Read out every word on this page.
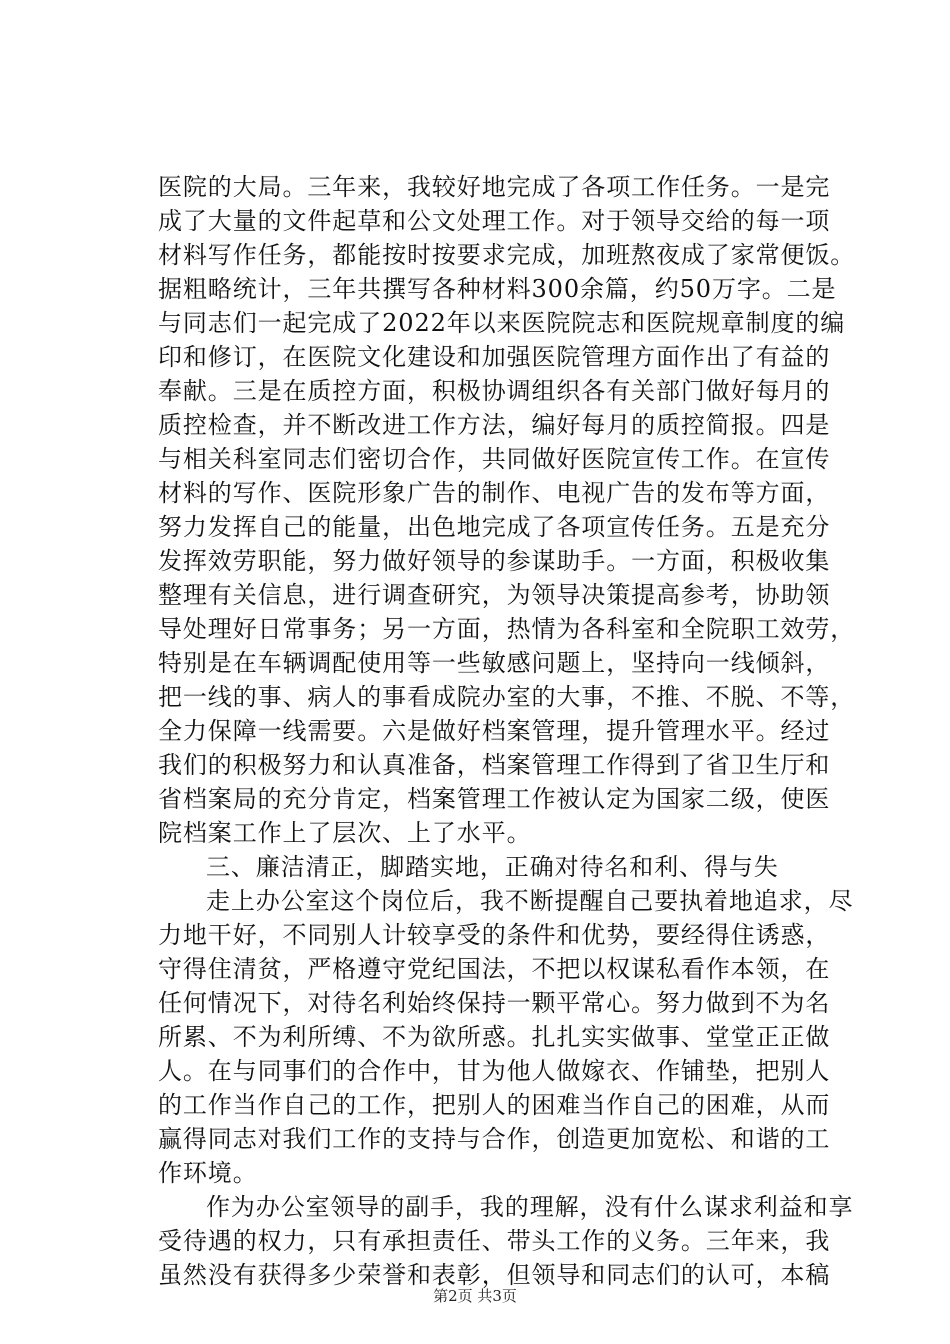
医院的大局。三年来，我较好地完成了各项工作任务。一是完
成了大量的文件起草和公文处理工作。对于领导交给的每一项
材料写作任务，都能按时按要求完成，加班熬夜成了家常便饭。
据粗略统计，三年共撰写各种材料300余篇，约50万字。二是
与同志们一起完成了2022年以来医院院志和医院规章制度的编
印和修订，在医院文化建设和加强医院管理方面作出了有益的
奉献。三是在质控方面，积极协调组织各有关部门做好每月的
质控检查，并不断改进工作方法，编好每月的质控简报。四是
与相关科室同志们密切合作，共同做好医院宣传工作。在宣传
材料的写作、医院形象广告的制作、电视广告的发布等方面，
努力发挥自己的能量，出色地完成了各项宣传任务。五是充分
发挥效劳职能，努力做好领导的参谋助手。一方面，积极收集
整理有关信息，进行调查研究，为领导决策提高参考，协助领
导处理好日常事务；另一方面，热情为各科室和全院职工效劳，
特别是在车辆调配使用等一些敏感问题上，坚持向一线倾斜，
把一线的事、病人的事看成院办室的大事，不推、不脱、不等，
全力保障一线需要。六是做好档案管理，提升管理水平。经过
我们的积极努力和认真准备，档案管理工作得到了省卫生厅和
省档案局的充分肯定，档案管理工作被认定为国家二级，使医
院档案工作上了层次、上了水平。
三、廉洁清正，脚踏实地，正确对待名和利、得与失
走上办公室这个岗位后，我不断提醒自己要执着地追求，尽
力地干好，不同别人计较享受的条件和优势，要经得住诱惑，
守得住清贫，严格遵守党纪国法，不把以权谋私看作本领，在
任何情况下，对待名利始终保持一颗平常心。努力做到不为名
所累、不为利所缚、不为欲所惑。扎扎实实做事、堂堂正正做
人。在与同事们的合作中，甘为他人做嫁衣、作铺垫，把别人
的工作当作自己的工作，把别人的困难当作自己的困难，从而
赢得同志对我们工作的支持与合作，创造更加宽松、和谐的工
作环境。
作为办公室领导的副手，我的理解，没有什么谋求利益和享
受待遇的权力，只有承担责任、带头工作的义务。三年来，我
虽然没有获得多少荣誉和表彰，但领导和同志们的认可，本稿
第2页 共3页
